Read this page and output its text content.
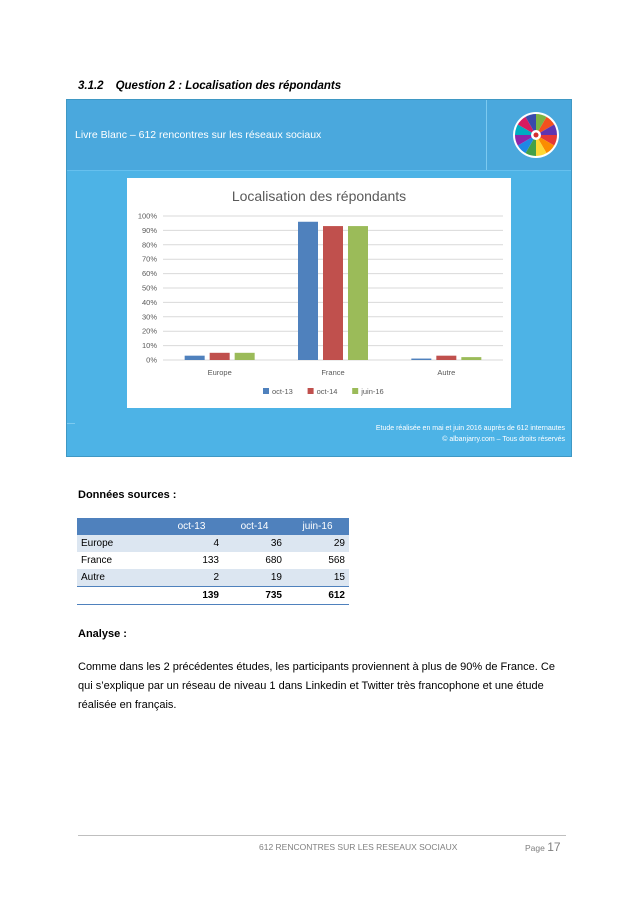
3.1.2 Question 2 : Localisation des répondants
Livre Blanc – 612 rencontres sur les réseaux sociaux
Etude réalisée en mai et juin 2016 auprès de 612 internautes
© albanjarry.com – Tous droits réservés
Localisation des répondants
0%
10%
20%
30%
40%
50%
60%
70%
80%
90%
100%
Europe	France	Autre
oct-13	oct-14	juin-16
Données sources :
	oct-13	oct-14	juin-16
Europe	4	36	29
France	133	680	568
Autre	2	19	15
	139	735	612
Analyse :
Comme dans les 2 précédentes études, les participants proviennent à plus de 90% de France. Ce qui s’explique par un réseau de niveau 1 dans Linkedin et Twitter très francophone et une étude réalisée en français.
612 RENCONTRES SUR LES RESEAUX SOCIAUX	Page 17
